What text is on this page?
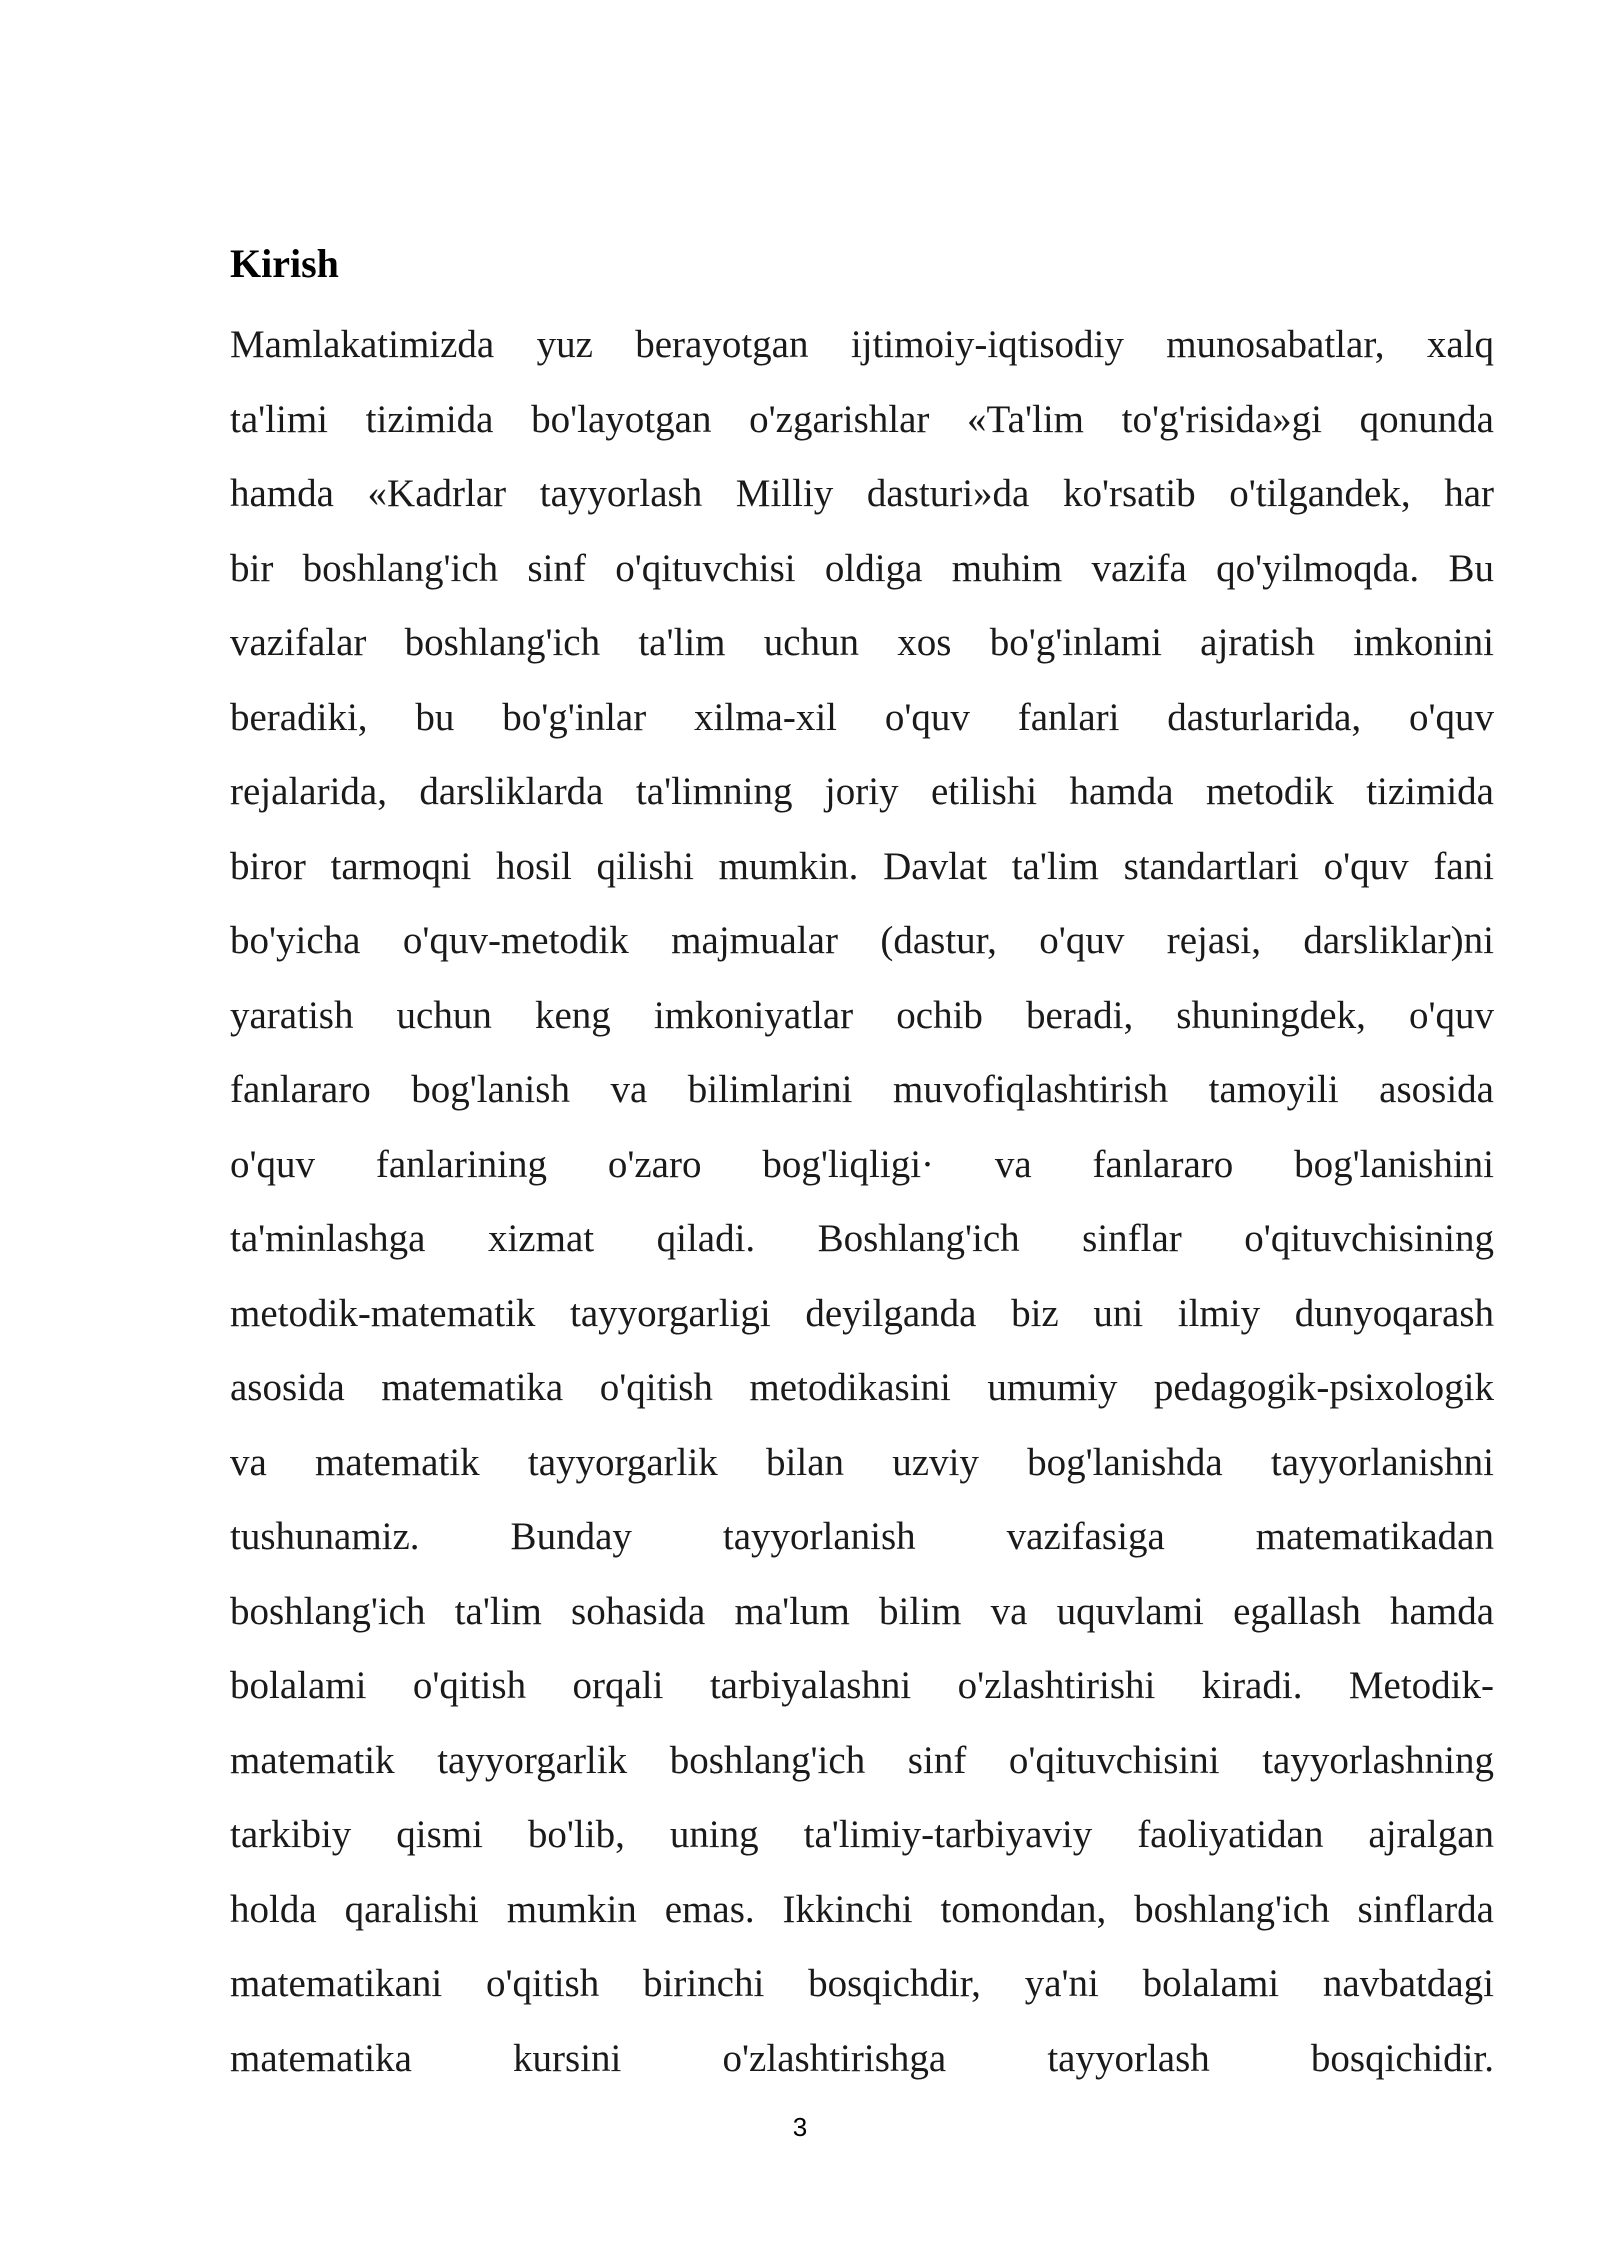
Kirish
Mamlakatimizda yuz berayotgan ijtimoiy-iqtisodiy munosabatlar, xalq
ta'limi tizimida bo'layotgan o'zgarishlar «Ta'lim to'g'risida»gi qonunda
hamda «Kadrlar tayyorlash Milliy dasturi»da ko'rsatib o'tilgandek, har
bir boshlang'ich sinf o'qituvchisi oldiga muhim vazifa qo'yilmoqda. Bu
vazifalar boshlang'ich ta'lim uchun xos bo'g'inlami ajratish imkonini
beradiki, bu bo'g'inlar xilma-xil o'quv fanlari dasturlarida, o'quv
rejalarida, darsliklarda ta'limning joriy etilishi hamda metodik tizimida
biror tarmoqni hosil qilishi mumkin. Davlat ta'lim standartlari o'quv fani
bo'yicha o'quv-metodik majmualar (dastur, o'quv rejasi, darsliklar)ni
yaratish uchun keng imkoniyatlar ochib beradi, shuningdek, o'quv
fanlararo bog'lanish va bilimlarini muvofiqlashtirish tamoyili asosida
o'quv fanlarining o'zaro bog'liqligi· va fanlararo bog'lanishini
ta'minlashga xizmat qiladi. Boshlang'ich sinflar o'qituvchisining
metodik-matematik tayyorgarligi deyilganda biz uni ilmiy dunyoqarash
asosida matematika o'qitish metodikasini umumiy pedagogik-psixologik
va matematik tayyorgarlik bilan uzviy bog'lanishda tayyorlanishni
tushunamiz. Bunday tayyorlanish vazifasiga matematikadan
boshlang'ich ta'lim sohasida ma'lum bilim va uquvlami egallash hamda
bolalami o'qitish orqali tarbiyalashni o'zlashtirishi kiradi. Metodik-
matematik tayyorgarlik boshlang'ich sinf o'qituvchisini tayyorlashning
tarkibiy qismi bo'lib, uning ta'limiy-tarbiyaviy faoliyatidan ajralgan
holda qaralishi mumkin emas. Ikkinchi tomondan, boshlang'ich sinflarda
matematikani o'qitish birinchi bosqichdir, ya'ni bolalami navbatdagi
matematika kursini o'zlashtirishga tayyorlash bosqichidir.
3
